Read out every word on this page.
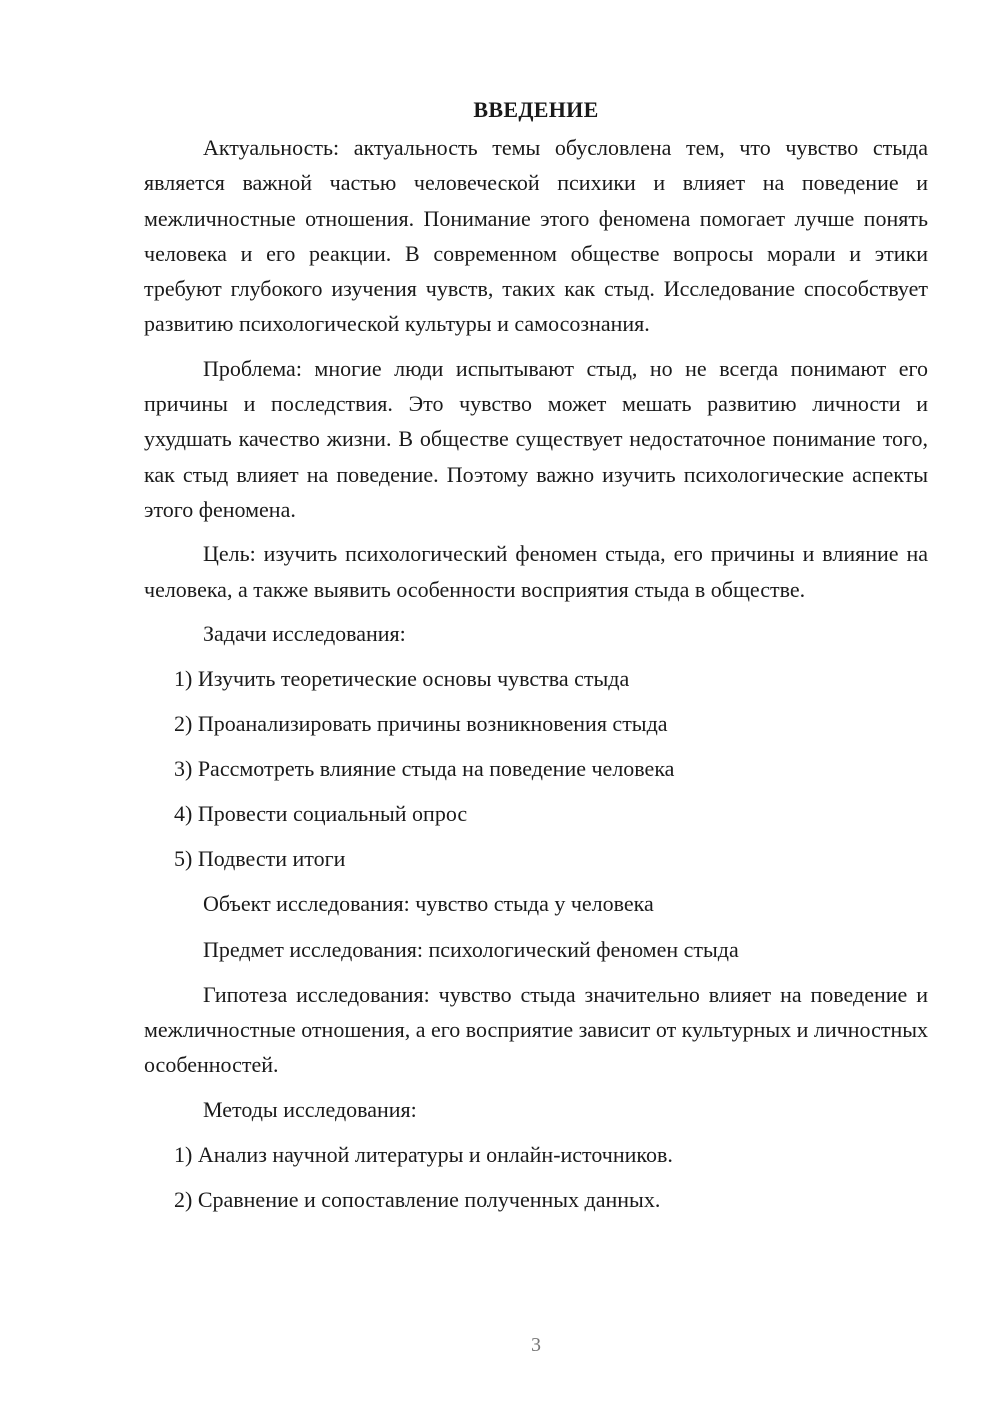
ВВЕДЕНИЕ

Актуальность: актуальность темы обусловлена тем, что чувство стыда является важной частью человеческой психики и влияет на поведение и межличностные отношения. Понимание этого феномена помогает лучше понять человека и его реакции. В современном обществе вопросы морали и этики требуют глубокого изучения чувств, таких как стыд. Исследование способствует развитию психологической культуры и самосознания.

Проблема: многие люди испытывают стыд, но не всегда понимают его причины и последствия. Это чувство может мешать развитию личности и ухудшать качество жизни. В обществе существует недостаточное понимание того, как стыд влияет на поведение. Поэтому важно изучить психологические аспекты этого феномена.

Цель: изучить психологический феномен стыда, его причины и влияние на человека, а также выявить особенности восприятия стыда в обществе.

Задачи исследования:
1) Изучить теоретические основы чувства стыда
2) Проанализировать причины возникновения стыда
3) Рассмотреть влияние стыда на поведение человека
4) Провести социальный опрос
5) Подвести итоги
Объект исследования: чувство стыда у человека
Предмет исследования: психологический феномен стыда

Гипотеза исследования: чувство стыда значительно влияет на поведение и межличностные отношения, а его восприятие зависит от культурных и личностных особенностей.

Методы исследования:
1) Анализ научной литературы и онлайн-источников.
2) Сравнение и сопоставление полученных данных.
3
